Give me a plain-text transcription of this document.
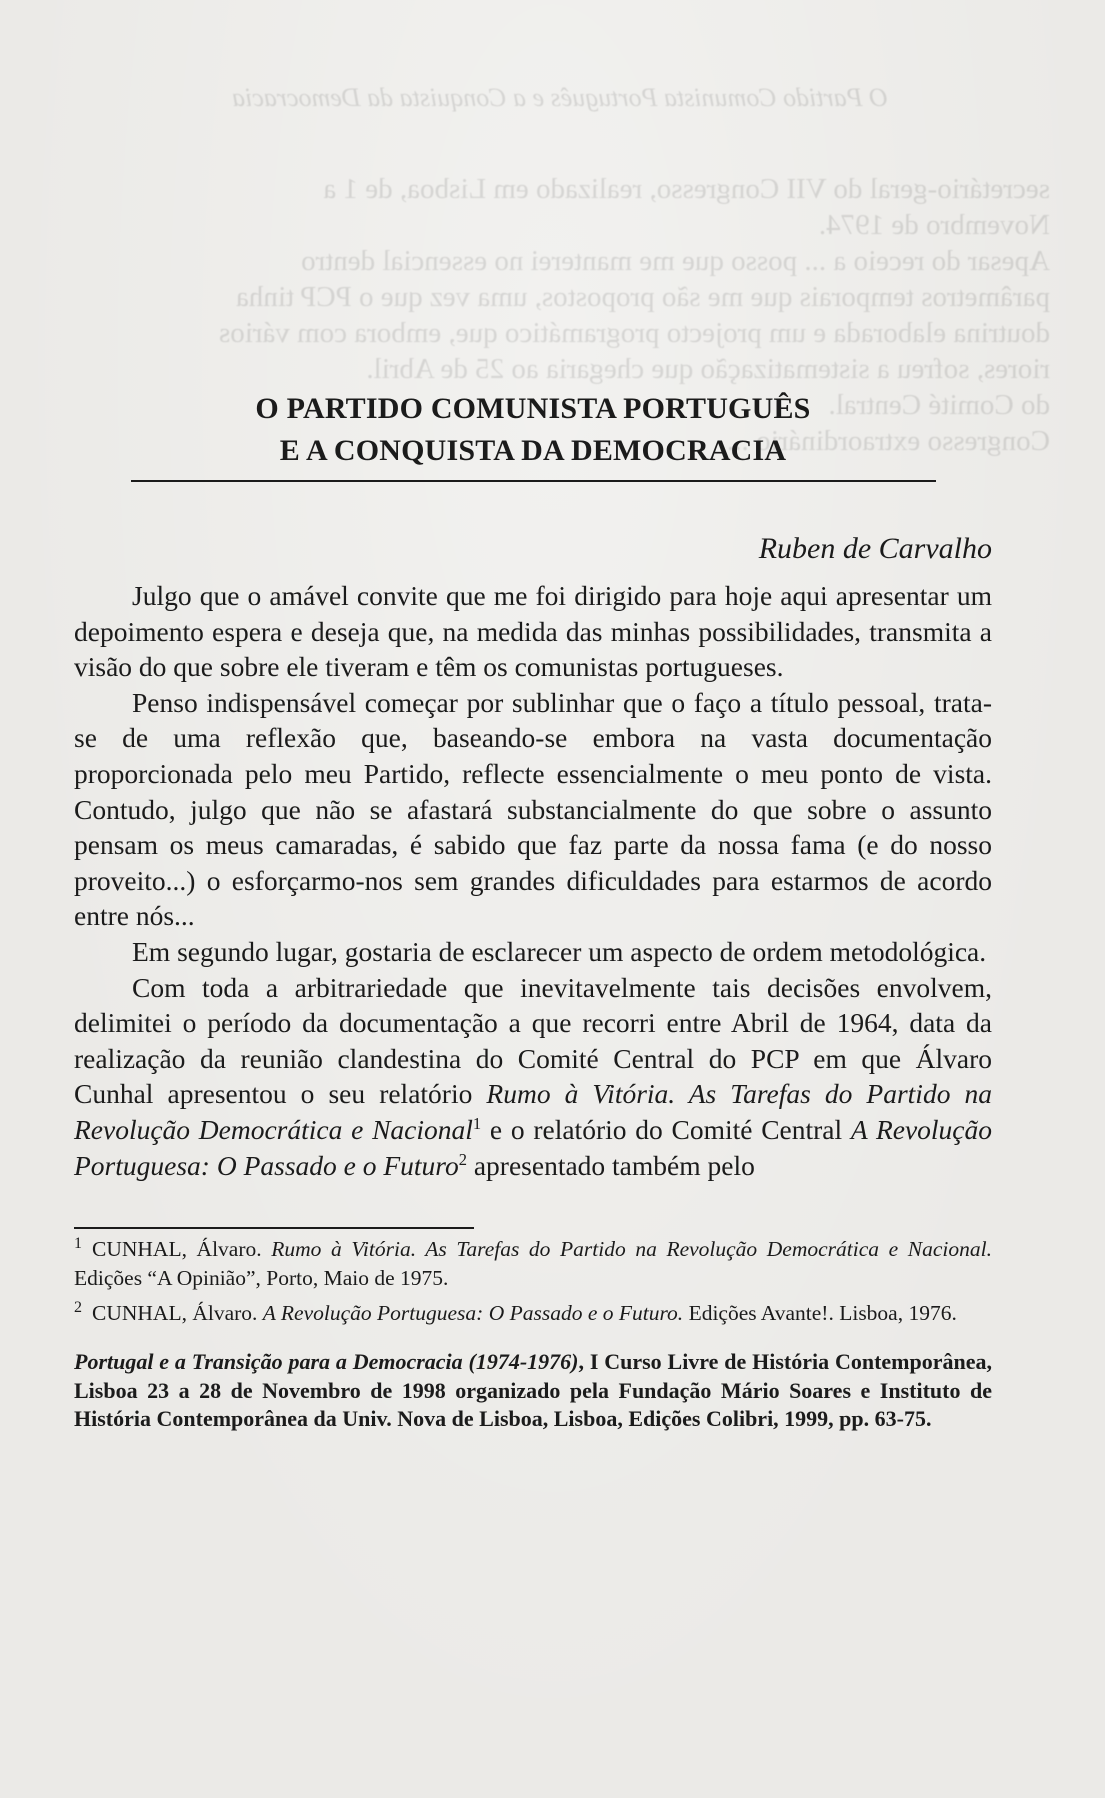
O Partido Comunista Português e a Conquista da Democracia

secretário-geral do VII Congresso, realizado em Lisboa, de 1 a

Novembro de 1974.

Apesar do receio a ... posso que me manterei no essencial dentro

parâmetros temporais que me são propostos, uma vez que o PCP tinha

doutrina elaborada e um projecto programático que, embora com vários

riores, sofreu a sistematização que chegaria ao 25 de Abril.

do Comité Central.

Congresso extraordinário ...

O PARTIDO COMUNISTA PORTUGUÊS
E A CONQUISTA DA DEMOCRACIA
Ruben de Carvalho

Julgo que o amável convite que me foi dirigido para hoje aqui apresentar um depoimento espera e deseja que, na medida das minhas possibilidades, transmita a visão do que sobre ele tiveram e têm os comunistas portugueses.

Penso indispensável começar por sublinhar que o faço a título pessoal, trata-se de uma reflexão que, baseando-se embora na vasta documentação proporcionada pelo meu Partido, reflecte essencialmente o meu ponto de vista. Contudo, julgo que não se afastará substancialmente do que sobre o assunto pensam os meus camaradas, é sabido que faz parte da nossa fama (e do nosso proveito...) o esforçarmo-nos sem grandes dificuldades para estarmos de acordo entre nós...

Em segundo lugar, gostaria de esclarecer um aspecto de ordem metodológica.

Com toda a arbitrariedade que inevitavelmente tais decisões envolvem, delimitei o período da documentação a que recorri entre Abril de 1964, data da realização da reunião clandestina do Comité Central do PCP em que Álvaro Cunhal apresentou o seu relatório Rumo à Vitória. As Tarefas do Partido na Revolução Democrática e Nacional$^1$ e o relatório do Comité Central A Revolução Portuguesa: O Passado e o Futuro$^2$ apresentado também pelo

$^1$ CUNHAL, Álvaro. Rumo à Vitória. As Tarefas do Partido na Revolução Democrática e Nacional. Edições “A Opinião”, Porto, Maio de 1975.

$^2$ CUNHAL, Álvaro. A Revolução Portuguesa: O Passado e o Futuro. Edições Avante!. Lisboa, 1976.

Portugal e a Transição para a Democracia (1974-1976), I Curso Livre de História Contemporânea, Lisboa 23 a 28 de Novembro de 1998 organizado pela Fundação Mário Soares e Instituto de História Contemporânea da Univ. Nova de Lisboa, Lisboa, Edições Colibri, 1999, pp. 63-75.
